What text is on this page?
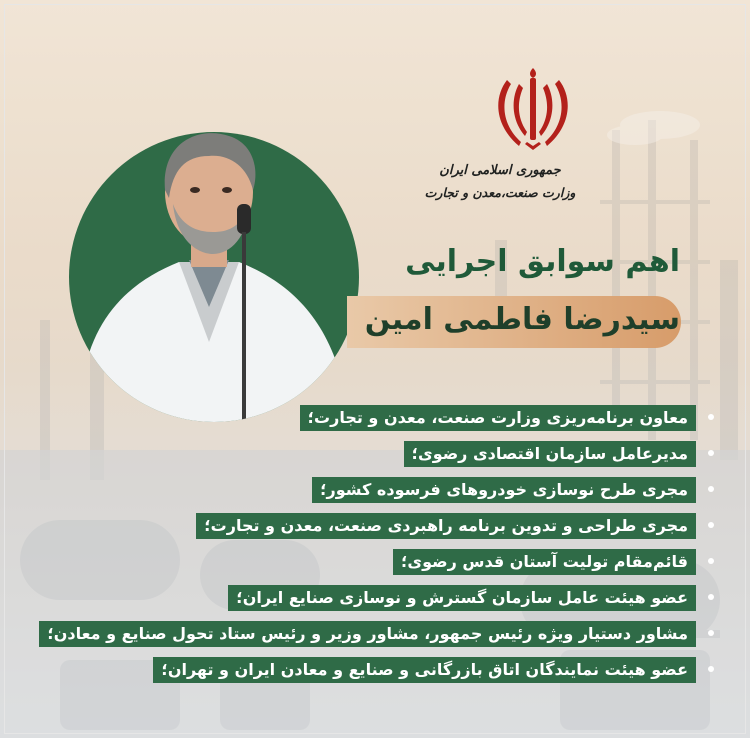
جمهوری اسلامی ایران
وزارت صنعت،معدن و تجارت
اهم سوابق اجرایی
سیدرضا فاطمی امین
معاون برنامه‌ریزی وزارت صنعت، معدن و تجارت؛
مدیرعامل سازمان اقتصادی رضوی؛
مجری طرح نوسازی خودروهای فرسوده کشور؛
مجری طراحی و تدوین برنامه راهبردی صنعت، معدن و تجارت؛
قائم‌مقام تولیت آستان قدس رضوی؛
عضو هیئت عامل سازمان گسترش و نوسازی صنایع ایران؛
مشاور دستیار ویژه رئیس جمهور، مشاور وزیر و رئیس ستاد تحول صنایع و معادن؛
عضو هیئت نمایندگان اتاق بازرگانی و صنایع و معادن ایران و تهران؛
